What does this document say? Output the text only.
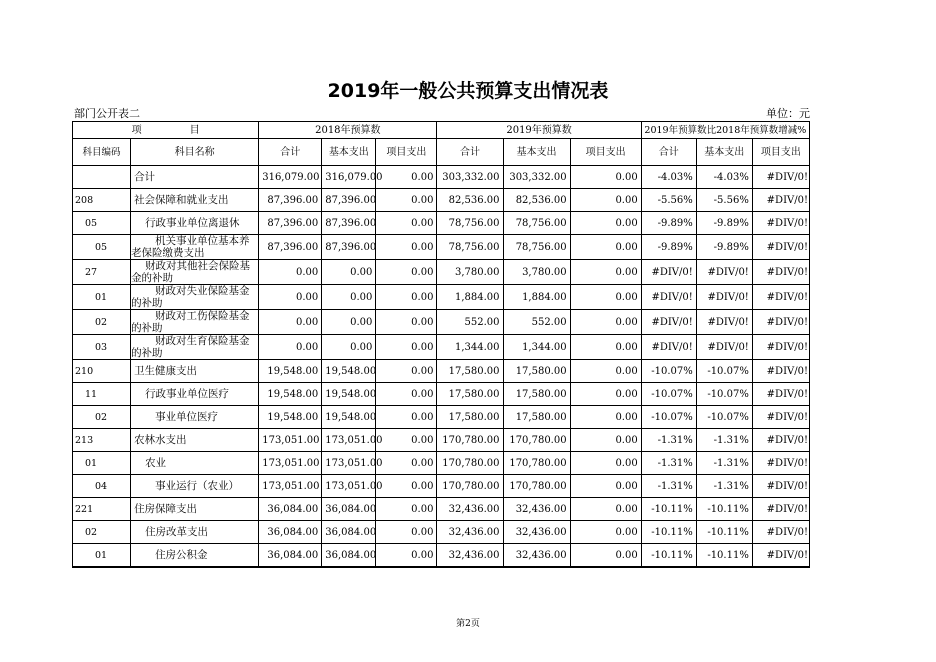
2019年一般公共预算支出情况表
部门公开表二	单位：元
项 目		2018年预算数			2019年预算数			2019年预算数比2018年预算数增减%		
科目编码	科目名称	合计	基本支出	项目支出	合计	基本支出	项目支出	合计	基本支出	项目支出
	合计	316,079.00	316,079.00	0.00	303,332.00	303,332.00	0.00	-4.03%	-4.03%	#DIV/0!
208	社会保障和就业支出	87,396.00	87,396.00	0.00	82,536.00	82,536.00	0.00	-5.56%	-5.56%	#DIV/0!
05	行政事业单位离退休	87,396.00	87,396.00	0.00	78,756.00	78,756.00	0.00	-9.89%	-9.89%	#DIV/0!
05	机关事业单位基本养老保险缴费支出	87,396.00	87,396.00	0.00	78,756.00	78,756.00	0.00	-9.89%	-9.89%	#DIV/0!
27	财政对其他社会保险基金的补助	0.00	0.00	0.00	3,780.00	3,780.00	0.00	#DIV/0!	#DIV/0!	#DIV/0!
01	财政对失业保险基金的补助	0.00	0.00	0.00	1,884.00	1,884.00	0.00	#DIV/0!	#DIV/0!	#DIV/0!
02	财政对工伤保险基金的补助	0.00	0.00	0.00	552.00	552.00	0.00	#DIV/0!	#DIV/0!	#DIV/0!
03	财政对生育保险基金的补助	0.00	0.00	0.00	1,344.00	1,344.00	0.00	#DIV/0!	#DIV/0!	#DIV/0!
210	卫生健康支出	19,548.00	19,548.00	0.00	17,580.00	17,580.00	0.00	-10.07%	-10.07%	#DIV/0!
11	行政事业单位医疗	19,548.00	19,548.00	0.00	17,580.00	17,580.00	0.00	-10.07%	-10.07%	#DIV/0!
02	事业单位医疗	19,548.00	19,548.00	0.00	17,580.00	17,580.00	0.00	-10.07%	-10.07%	#DIV/0!
213	农林水支出	173,051.00	173,051.00	0.00	170,780.00	170,780.00	0.00	-1.31%	-1.31%	#DIV/0!
01	农业	173,051.00	173,051.00	0.00	170,780.00	170,780.00	0.00	-1.31%	-1.31%	#DIV/0!
04	事业运行（农业）	173,051.00	173,051.00	0.00	170,780.00	170,780.00	0.00	-1.31%	-1.31%	#DIV/0!
221	住房保障支出	36,084.00	36,084.00	0.00	32,436.00	32,436.00	0.00	-10.11%	-10.11%	#DIV/0!
02	住房改革支出	36,084.00	36,084.00	0.00	32,436.00	32,436.00	0.00	-10.11%	-10.11%	#DIV/0!
01	住房公积金	36,084.00	36,084.00	0.00	32,436.00	32,436.00	0.00	-10.11%	-10.11%	#DIV/0!
第2页
